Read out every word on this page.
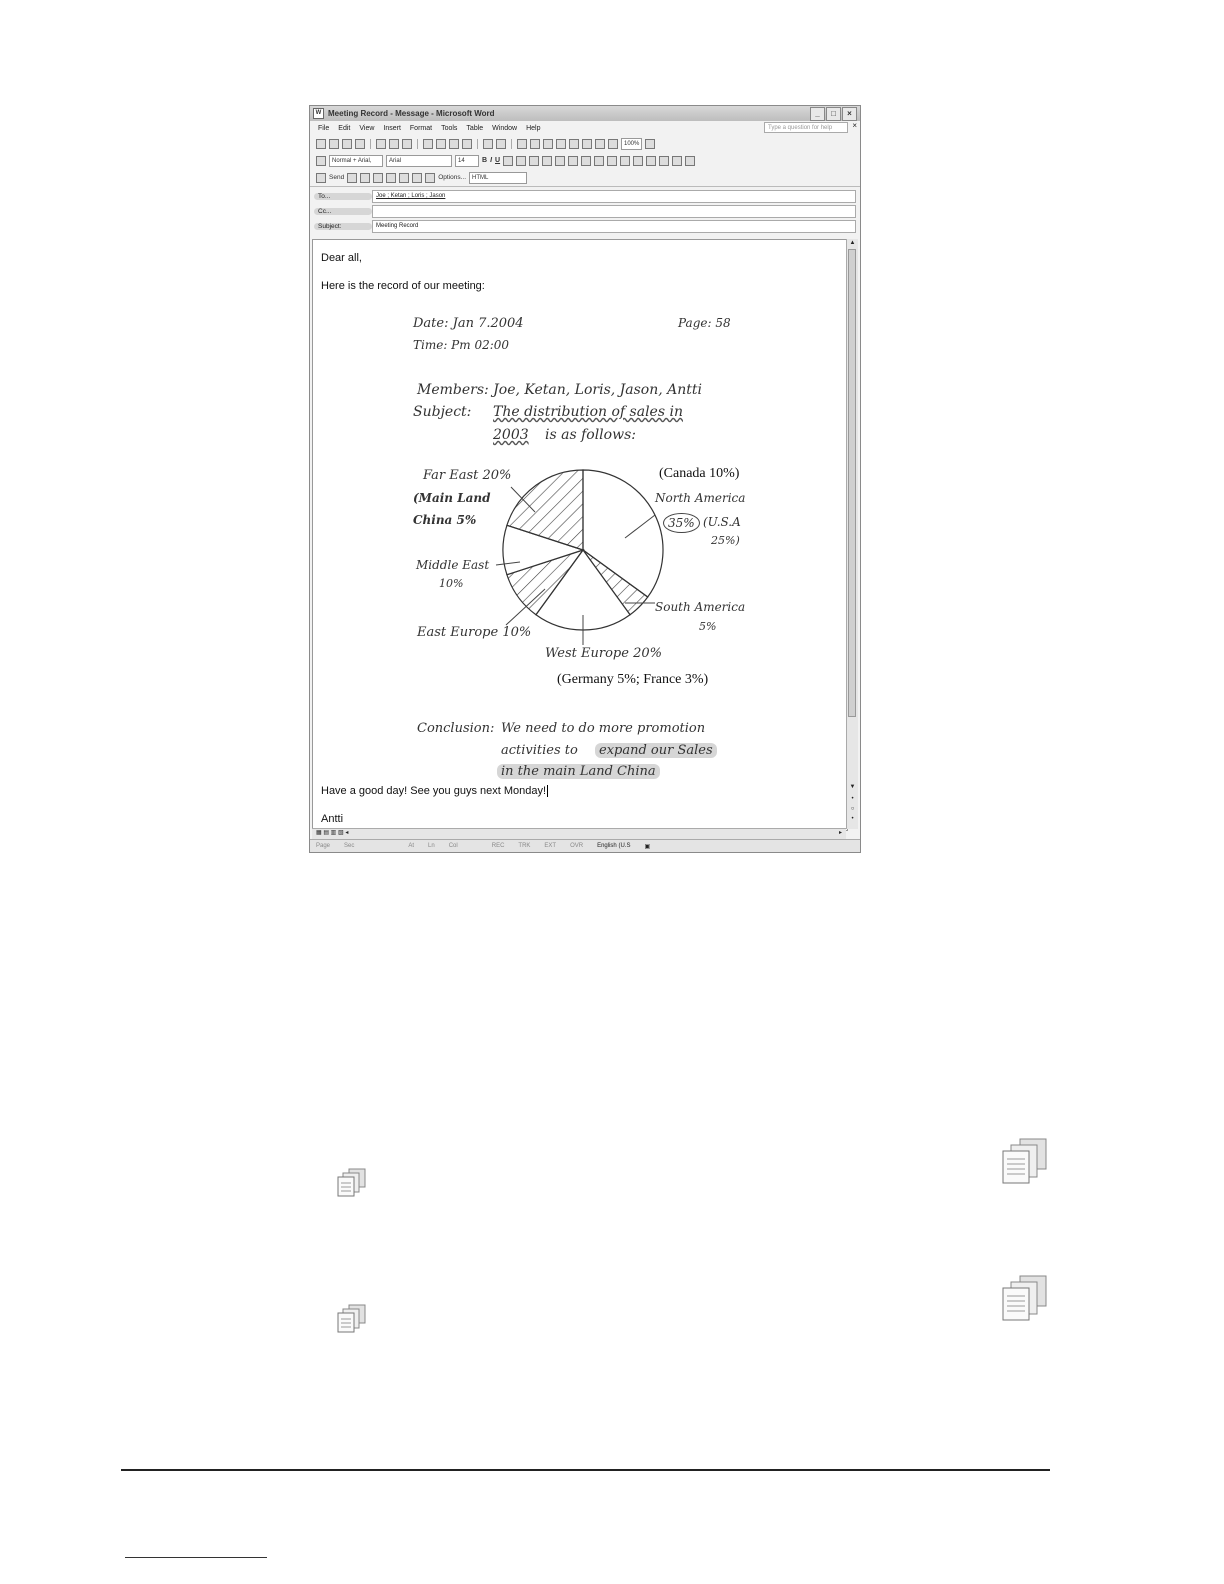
W Meeting Record - Message - Microsoft Word	_	□	×
File Edit View Insert Format Tools Table Window Help	Type a question for help	×
100%
Normal + Arial,	Arial	14	B I U
Send	Options...	HTML
To...	Joe ; Ketan ; Loris ; Jason
Cc...
Subject:	Meeting Record
Dear all,
Here is the record of our meeting:
Date: Jan 7.2004	Page: 58
Time: Pm 02:00
Members: Joe, Ketan, Loris, Jason, Antti
Subject: The distribution of sales in
2003 is as follows:
(Canada 10%)
North America
35% (U.S.A
25%)
Far East 20%
(Main Land
China 5%
Middle East
10%
East Europe 10%
West Europe 20%
(Germany 5%; France 3%)
South America
5%
Conclusion: We need to do more promotion
activities to	expand our Sales
in the main Land China
Have a good day! See you guys next Monday!
Antti
▲
▼
•
○
•
▦ ▤ ▥ ▧ ◂	▸
Page Sec	At Ln Col	REC TRK EXT OVR English (U.S ▣
